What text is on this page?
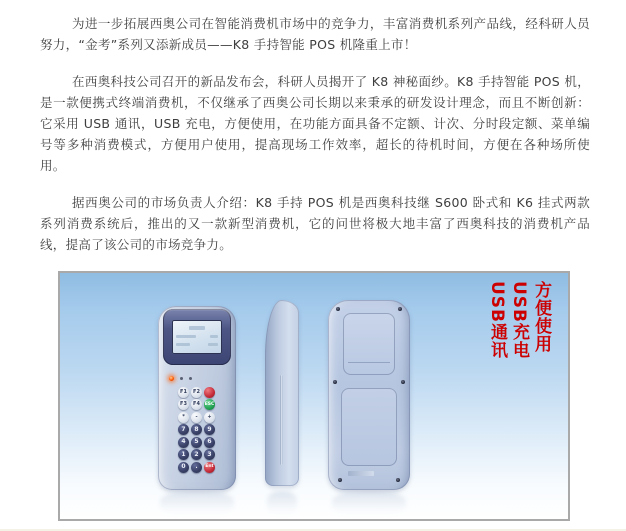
为进一步拓展西奥公司在智能消费机市场中的竞争力，丰富消费机系列产品线，经科研人员努力，“金考”系列又添新成员——K8 手持智能 POS 机隆重上市！

在西奥科技公司召开的新品发布会，科研人员揭开了 K8 神秘面纱。K8 手持智能 POS 机，是一款便携式终端消费机，不仅继承了西奥公司长期以来秉承的研发设计理念，而且不断创新：它采用 USB 通讯，USB 充电，方便使用，在功能方面具备不定额、计次、分时段定额、菜单编号等多种消费模式，方便用户使用，提高现场工作效率，超长的待机时间，方便在各种场所使用。

据西奥公司的市场负责人介绍：K8 手持 POS 机是西奥科技继 S600 卧式和 K6 挂式两款系列消费系统后，推出的又一款新型消费机，它的问世将极大地丰富了西奥科技的消费机产品线，提高了该公司的市场竞争力。

F1	F2
F3	F4	ESC
*	-	+
7	8	9
4	5	6
1	2	3
0	.	Ent
方便使用
USB充电
USB通讯
